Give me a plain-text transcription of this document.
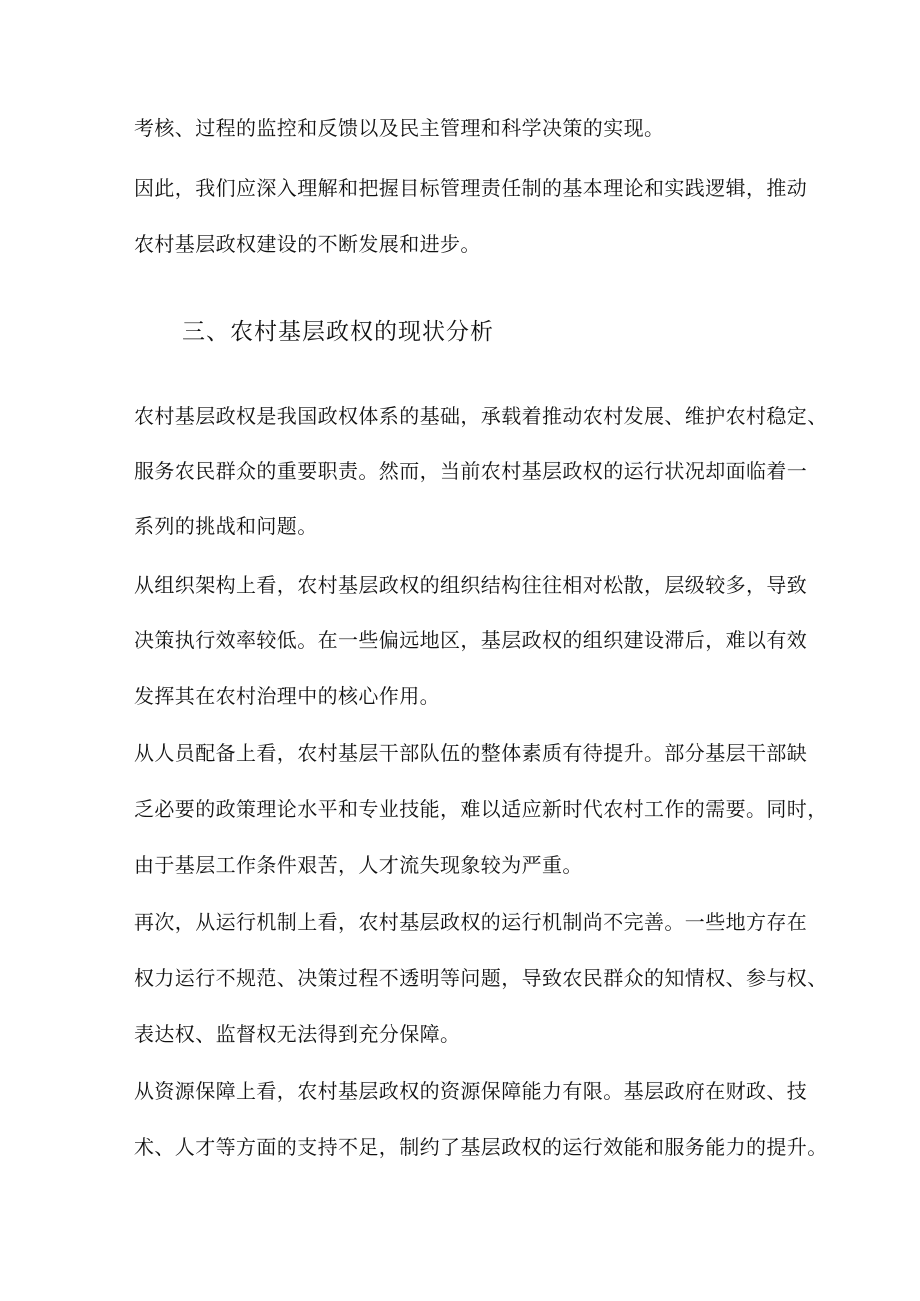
考核、过程的监控和反馈以及民主管理和科学决策的实现。
因此，我们应深入理解和把握目标管理责任制的基本理论和实践逻辑，推动
农村基层政权建设的不断发展和进步。
三、农村基层政权的现状分析
农村基层政权是我国政权体系的基础，承载着推动农村发展、维护农村稳定、
服务农民群众的重要职责。然而，当前农村基层政权的运行状况却面临着一
系列的挑战和问题。
从组织架构上看，农村基层政权的组织结构往往相对松散，层级较多，导致
决策执行效率较低。在一些偏远地区，基层政权的组织建设滞后，难以有效
发挥其在农村治理中的核心作用。
从人员配备上看，农村基层干部队伍的整体素质有待提升。部分基层干部缺
乏必要的政策理论水平和专业技能，难以适应新时代农村工作的需要。同时，
由于基层工作条件艰苦，人才流失现象较为严重。
再次，从运行机制上看，农村基层政权的运行机制尚不完善。一些地方存在
权力运行不规范、决策过程不透明等问题，导致农民群众的知情权、参与权、
表达权、监督权无法得到充分保障。
从资源保障上看，农村基层政权的资源保障能力有限。基层政府在财政、技
术、人才等方面的支持不足，制约了基层政权的运行效能和服务能力的提升。
